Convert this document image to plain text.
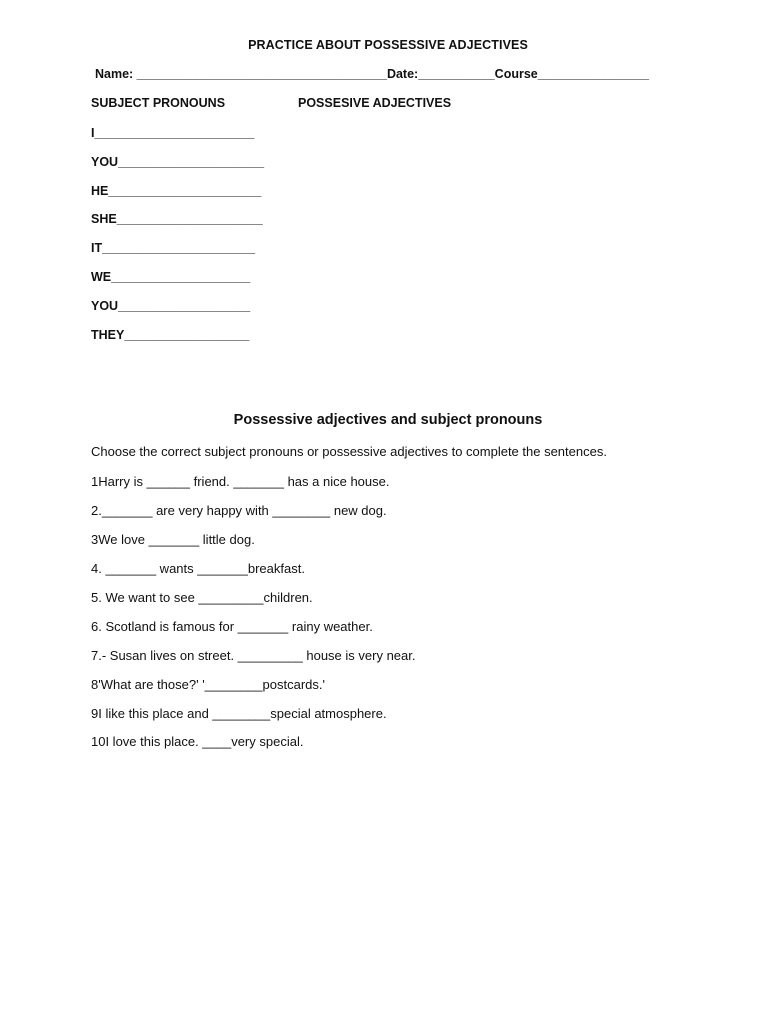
PRACTICE ABOUT POSSESSIVE ADJECTIVES
Name: ____________________________________Date:___________Course________________
SUBJECT PRONOUNS	POSSESIVE ADJECTIVES
I_______________________
YOU_____________________
HE______________________
SHE_____________________
IT______________________
WE____________________
YOU___________________
THEY__________________
Possessive adjectives and subject pronouns
Choose the correct subject pronouns or possessive adjectives to complete the sentences.
1Harry is ______ friend. _______ has a nice house.
2._______ are very happy with ________ new dog.
3We love _______ little dog.
4. _______ wants _______breakfast.
5. We want to see _________children.
6. Scotland is famous for _______ rainy weather.
7.- Susan lives on street. _________ house is very near.
8'What are those?' '________postcards.'
9I like this place and ________special atmosphere.
10I love this place. ____very special.
